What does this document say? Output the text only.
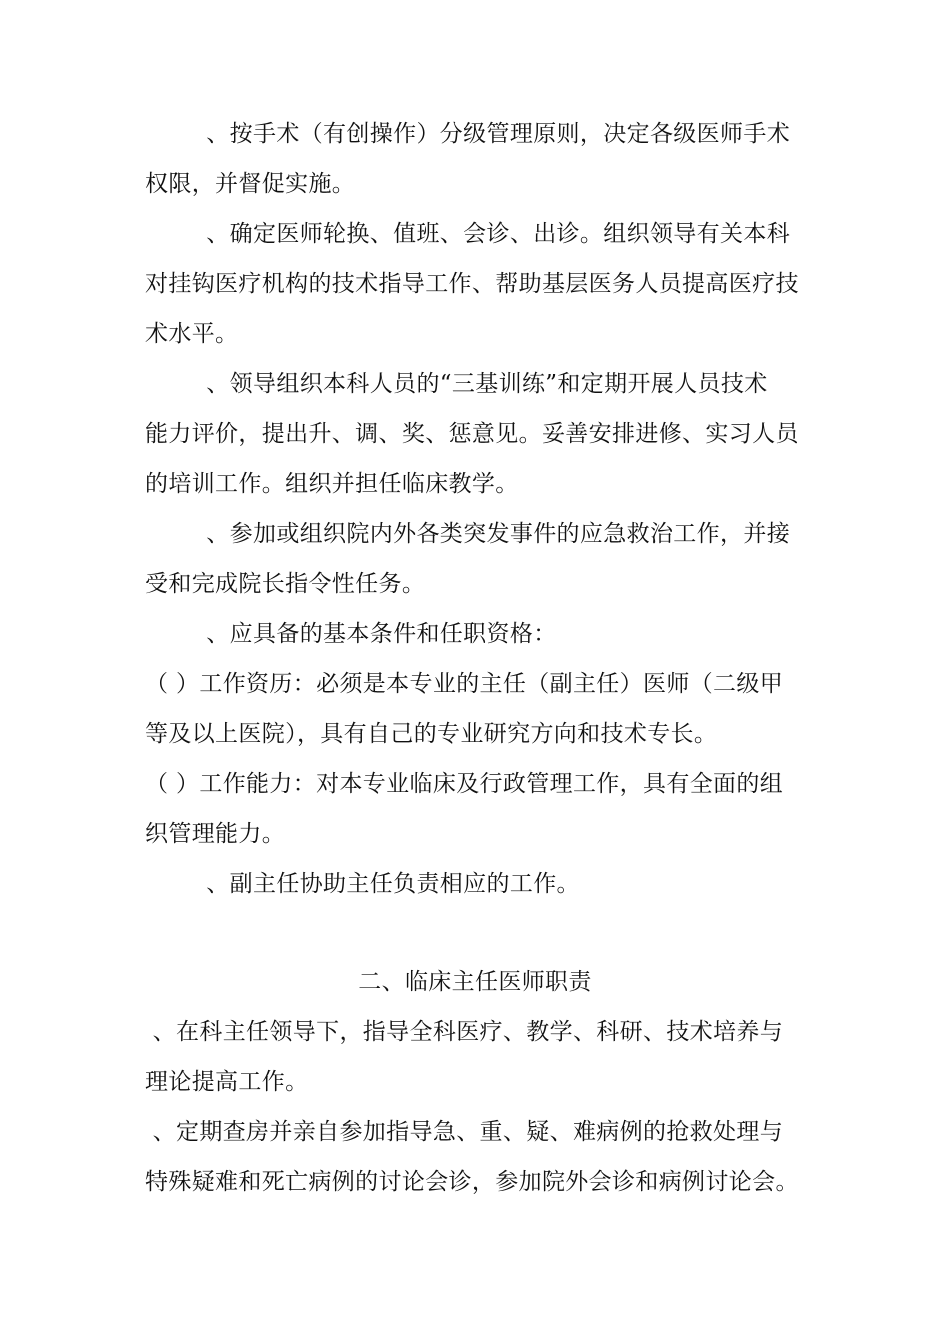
、按手术（有创操作）分级管理原则，决定各级医师手术
权限，并督促实施。
、确定医师轮换、值班、会诊、出诊。组织领导有关本科
对挂钩医疗机构的技术指导工作、帮助基层医务人员提高医疗技
术水平。
、领导组织本科人员的“三基训练”和定期开展人员技术
能力评价，提出升、调、奖、惩意见。妥善安排进修、实习人员
的培训工作。组织并担任临床教学。
、参加或组织院内外各类突发事件的应急救治工作，并接
受和完成院长指令性任务。
、应具备的基本条件和任职资格：
（ ）工作资历：必须是本专业的主任（副主任）医师（二级甲
等及以上医院），具有自己的专业研究方向和技术专长。
（ ）工作能力：对本专业临床及行政管理工作，具有全面的组
织管理能力。
、副主任协助主任负责相应的工作。
二、临床主任医师职责
、在科主任领导下，指导全科医疗、教学、科研、技术培养与
理论提高工作。
、定期查房并亲自参加指导急、重、疑、难病例的抢救处理与
特殊疑难和死亡病例的讨论会诊，参加院外会诊和病例讨论会。
